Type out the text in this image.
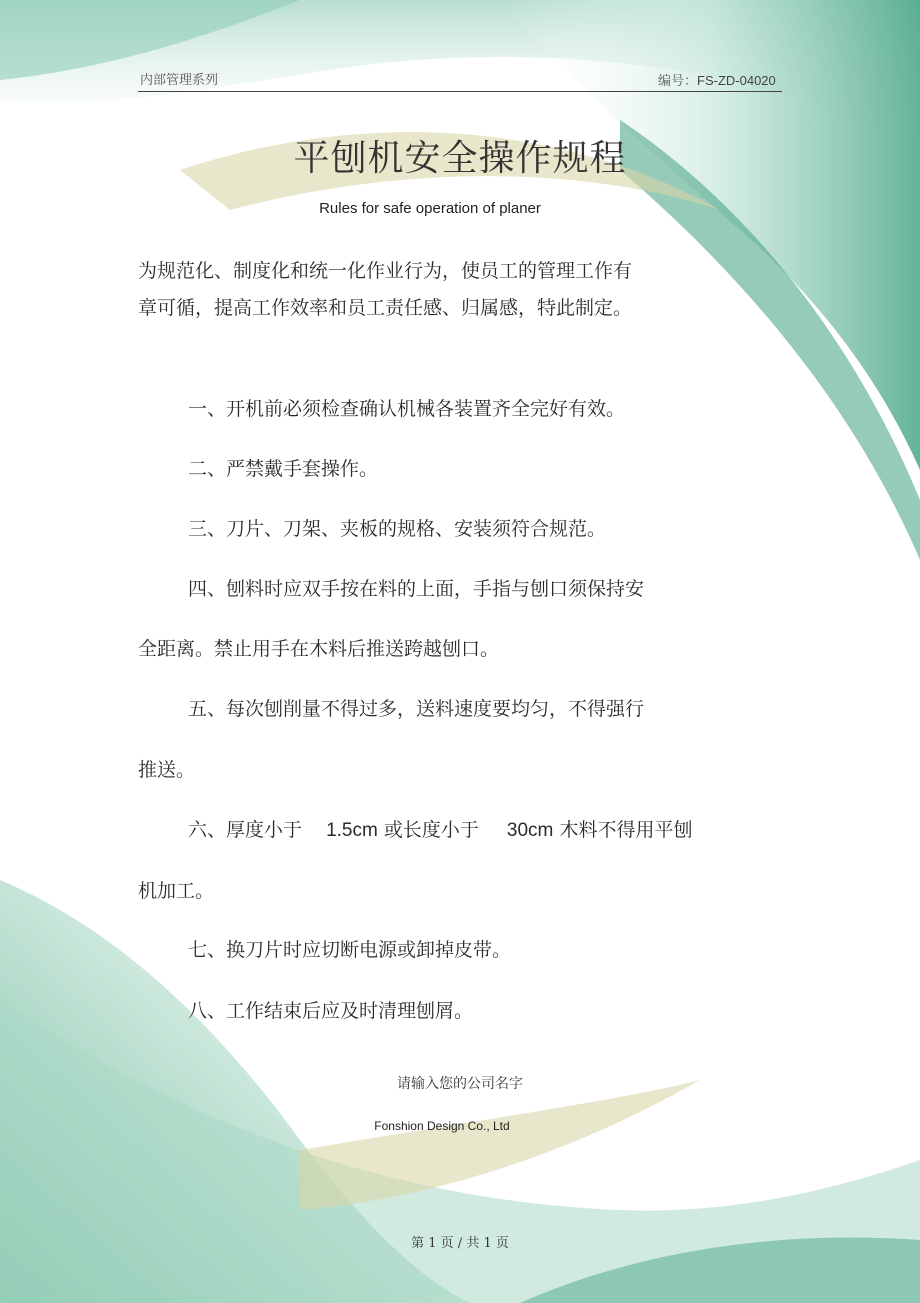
内部管理系列	编号：FS-ZD-04020
平刨机安全操作规程
Rules for safe operation of planer
为规范化、制度化和统一化作业行为，使员工的管理工作有
章可循，提高工作效率和员工责任感、归属感，特此制定。
一、开机前必须检查确认机械各装置齐全完好有效。
二、严禁戴手套操作。
三、刀片、刀架、夹板的规格、安装须符合规范。
四、刨料时应双手按在料的上面，手指与刨口须保持安
全距离。禁止用手在木料后推送跨越刨口。
五、每次刨削量不得过多，送料速度要均匀，不得强行
推送。
六、厚度小于 1.5cm 或长度小于 30cm 木料不得用平刨
机加工。
七、换刀片时应切断电源或卸掉皮带。
八、工作结束后应及时清理刨屑。
请输入您的公司名字
Fonshion Design Co., Ltd
第 1 页 / 共 1 页
